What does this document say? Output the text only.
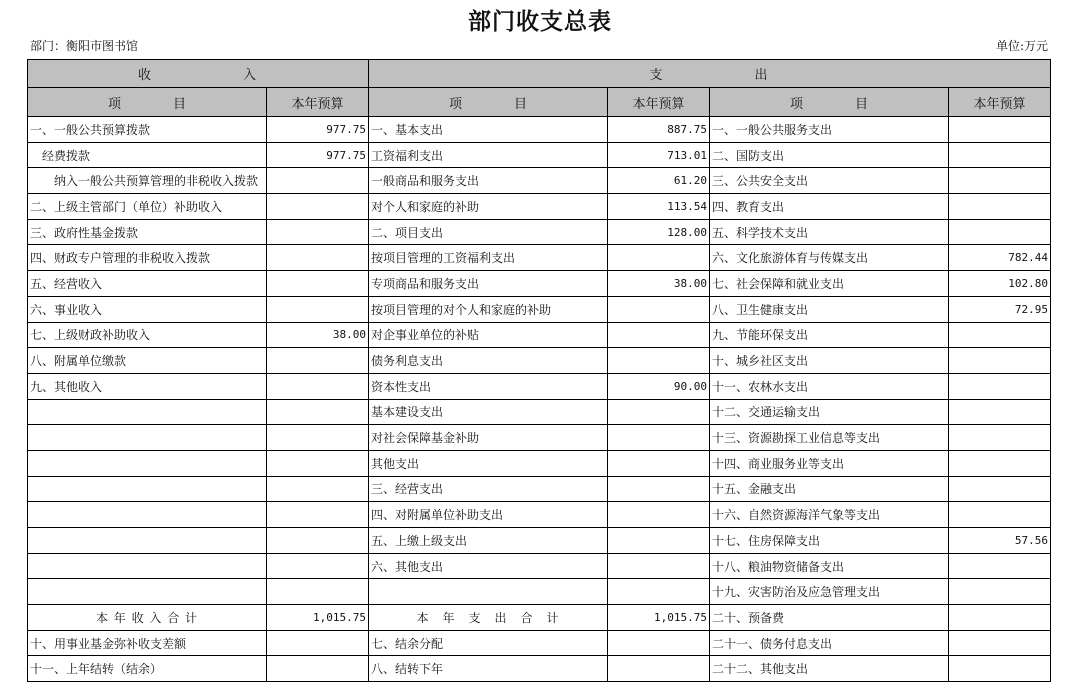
部门收支总表
部门：衡阳市图书馆	单位:万元
收　　　　　　入		支　　　　　　出			
项　　　　目	本年预算	项　　　　目	本年预算	项　　　　目	本年预算
一、一般公共预算拨款	977.75	一、基本支出	887.75	一、一般公共服务支出	
　经费拨款	977.75	工资福利支出	713.01	二、国防支出	
　　纳入一般公共预算管理的非税收入拨款		一般商品和服务支出	61.20	三、公共安全支出	
二、上级主管部门（单位）补助收入		对个人和家庭的补助	113.54	四、教育支出	
三、政府性基金拨款		二、项目支出	128.00	五、科学技术支出	
四、财政专户管理的非税收入拨款		按项目管理的工资福利支出		六、文化旅游体育与传媒支出	782.44
五、经营收入		专项商品和服务支出	38.00	七、社会保障和就业支出	102.80
六、事业收入		按项目管理的对个人和家庭的补助		八、卫生健康支出	72.95
七、上级财政补助收入	38.00	对企事业单位的补贴		九、节能环保支出	
八、附属单位缴款		债务利息支出		十、城乡社区支出	
九、其他收入		资本性支出	90.00	十一、农林水支出	
		基本建设支出		十二、交通运输支出	
		对社会保障基金补助		十三、资源勘探工业信息等支出	
		其他支出		十四、商业服务业等支出	
		三、经营支出		十五、金融支出	
		四、对附属单位补助支出		十六、自然资源海洋气象等支出	
		五、上缴上级支出		十七、住房保障支出	57.56
		六、其他支出		十八、粮油物资储备支出	
				十九、灾害防治及应急管理支出	
本 年 收 入 合 计	1,015.75	本　年　支　出　合　计	1,015.75	二十、预备费	
十、用事业基金弥补收支差额		七、结余分配		二十一、债务付息支出	
十一、上年结转（结余）		八、结转下年		二十二、其他支出	
